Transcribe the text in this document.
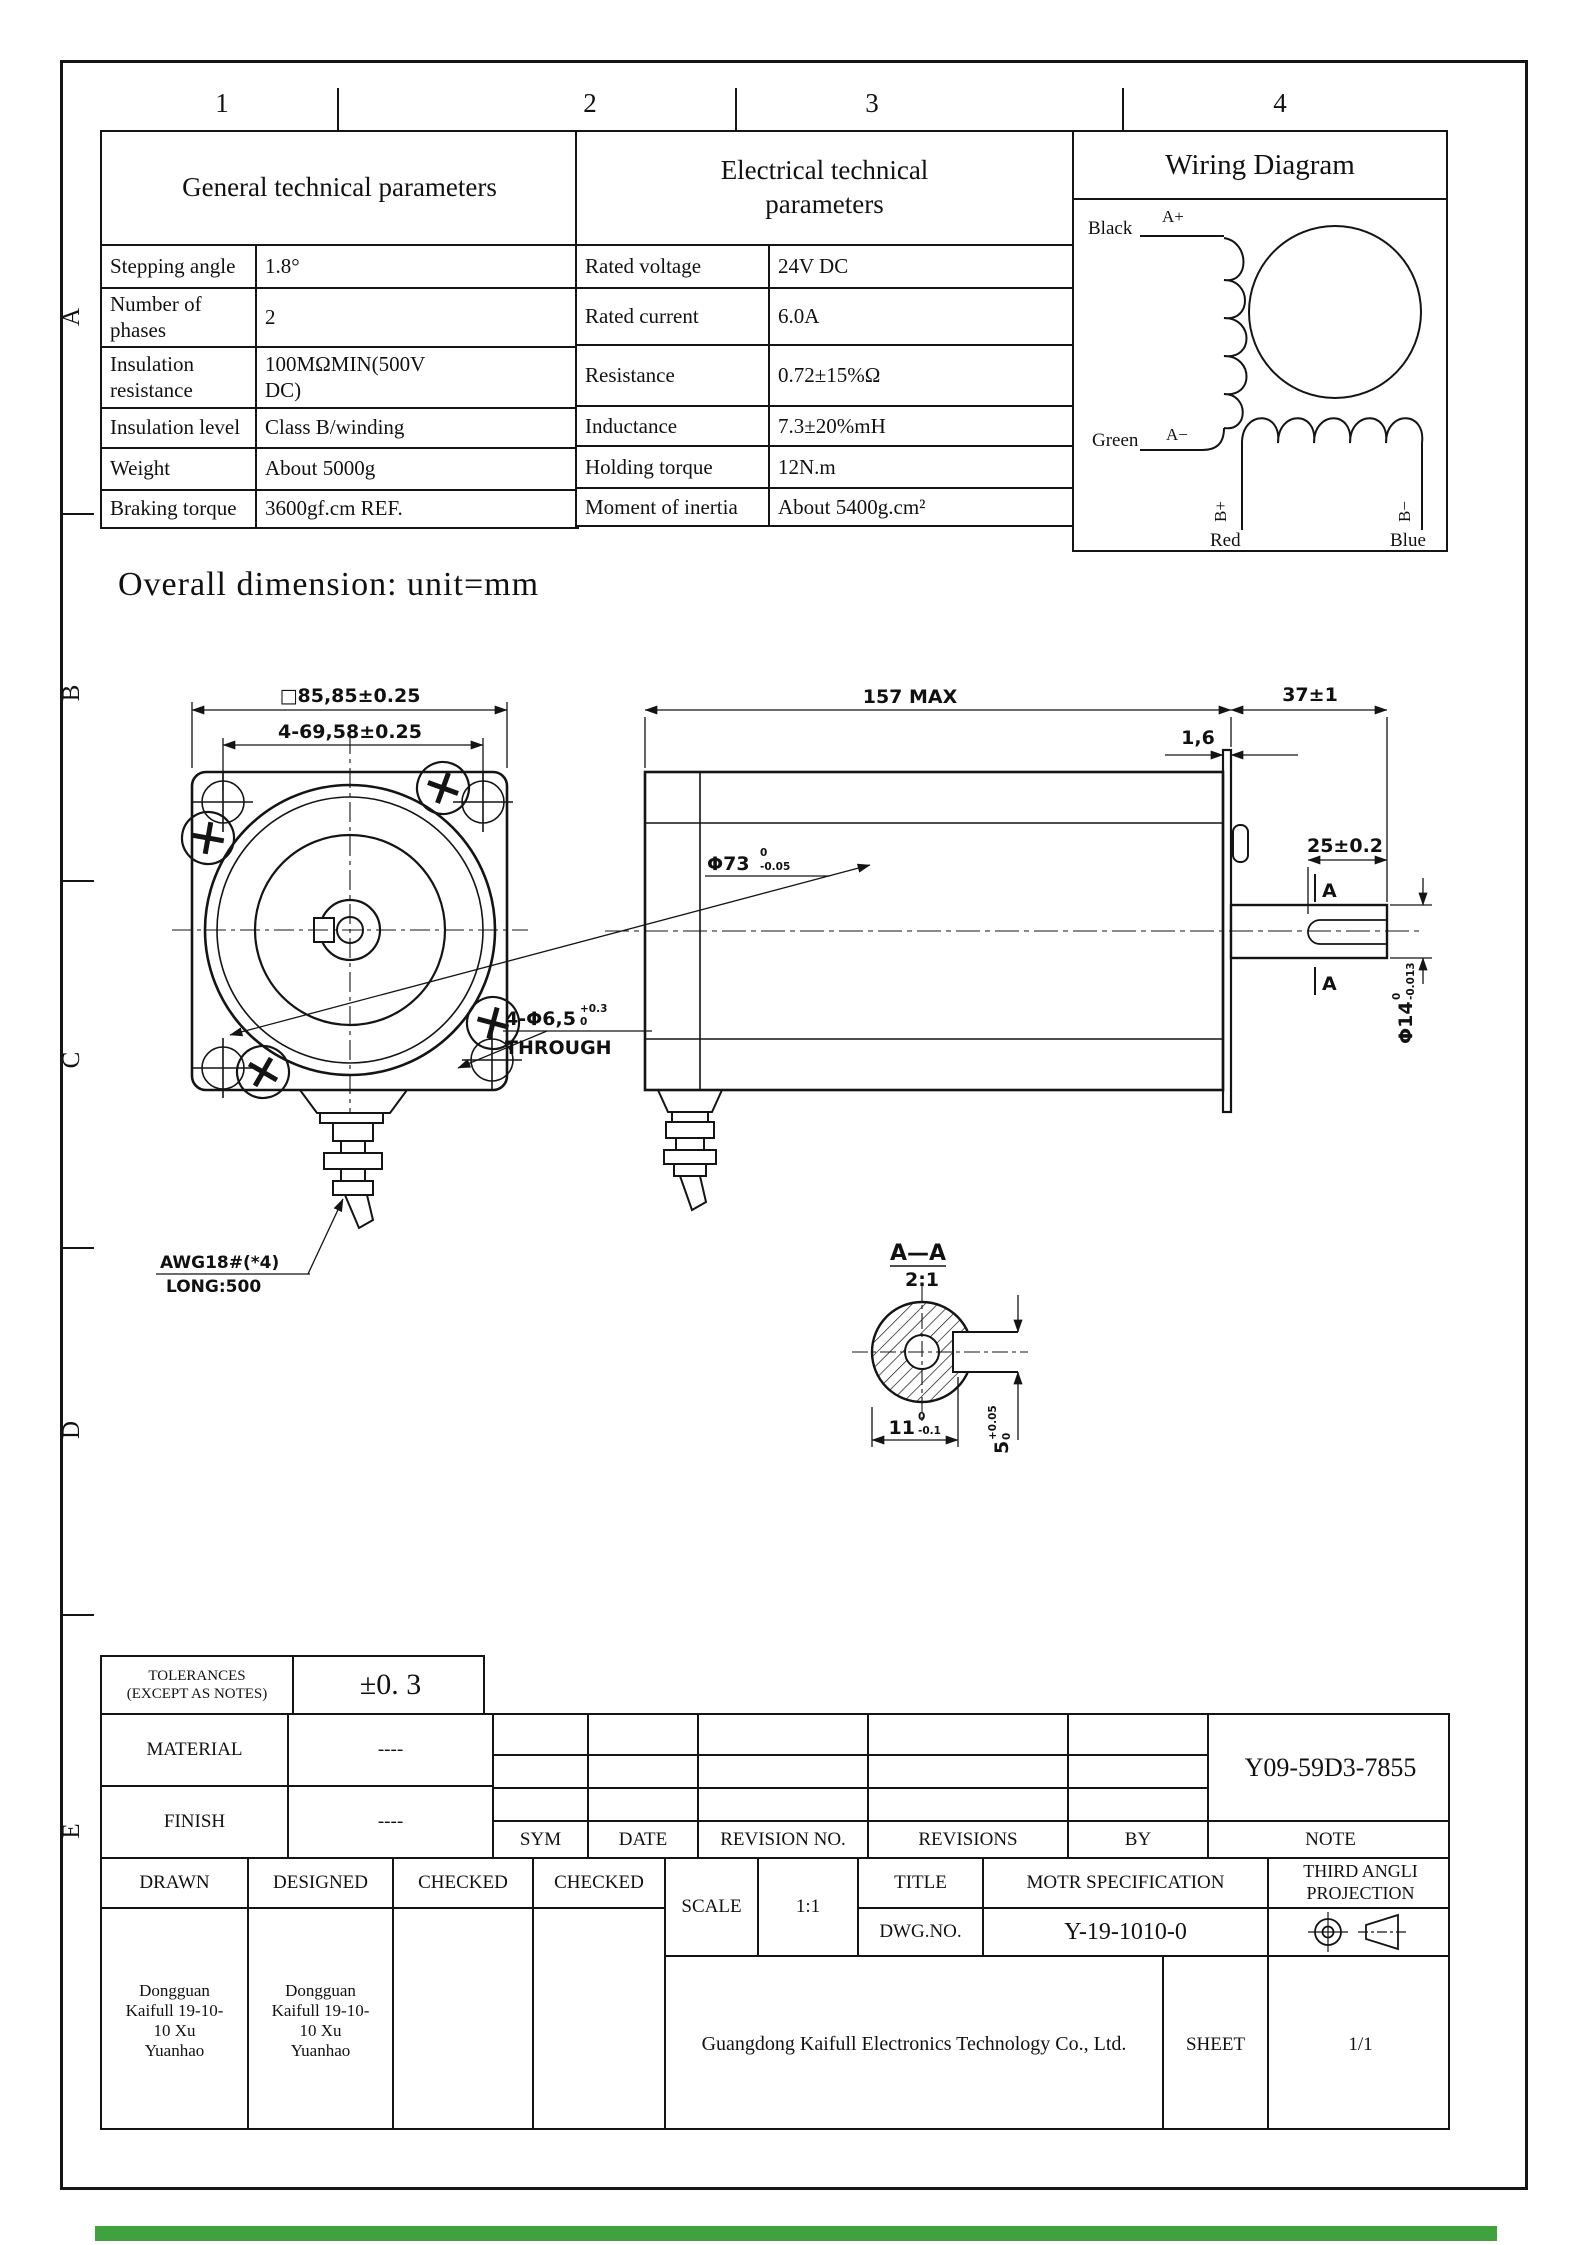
1	2	3	4
A
B
C
D
E
General technical parameters	
Stepping angle	1.8°
Number of phases	2
Insulation resistance	100MΩMIN(500V DC)
Insulation level	Class B/winding
Weight	About 5000g
Braking torque	3600gf.cm REF.
Electrical technical parameters	
Rated voltage	24V DC
Rated current	6.0A
Resistance	0.72±15%Ω
Inductance	7.3±20%mH
Holding torque	12N.m
Moment of inertia	About 5400g.cm²
Wiring Diagram
Black
A+
Green A−
B+	B−
Red	Blue
Overall dimension: unit=mm
□85,85±0.25
4-69,58±0.25
Φ73 0
-0.05
4-Φ6,5 +0.3
0
THROUGH
AWG18#(*4)
LONG:500
157 MAX	37±1
1,6
25±0.2
A
A
Φ14
0 -0.013
A—A
2:1
11 0
-0.1
5
+0.05 0
TOLERANCES
(EXCEPT AS NOTES)	±0. 3
MATERIAL	----
FINISH	----
SYM	DATE	REVISION NO.	REVISIONS	BY	NOTE
Y09-59D3-7855
DRAWN	DESIGNED	CHECKED	CHECKED
Dongguan Kaifull 19-10-10 Xu Yuanhao
Dongguan Kaifull 19-10-10 Xu Yuanhao
SCALE	1:1
TITLE	MOTR SPECIFICATION
DWG.NO.	Y-19-1010-0
THIRD ANGLI PROJECTION
Guangdong Kaifull Electronics Technology Co., Ltd.	SHEET	1/1
